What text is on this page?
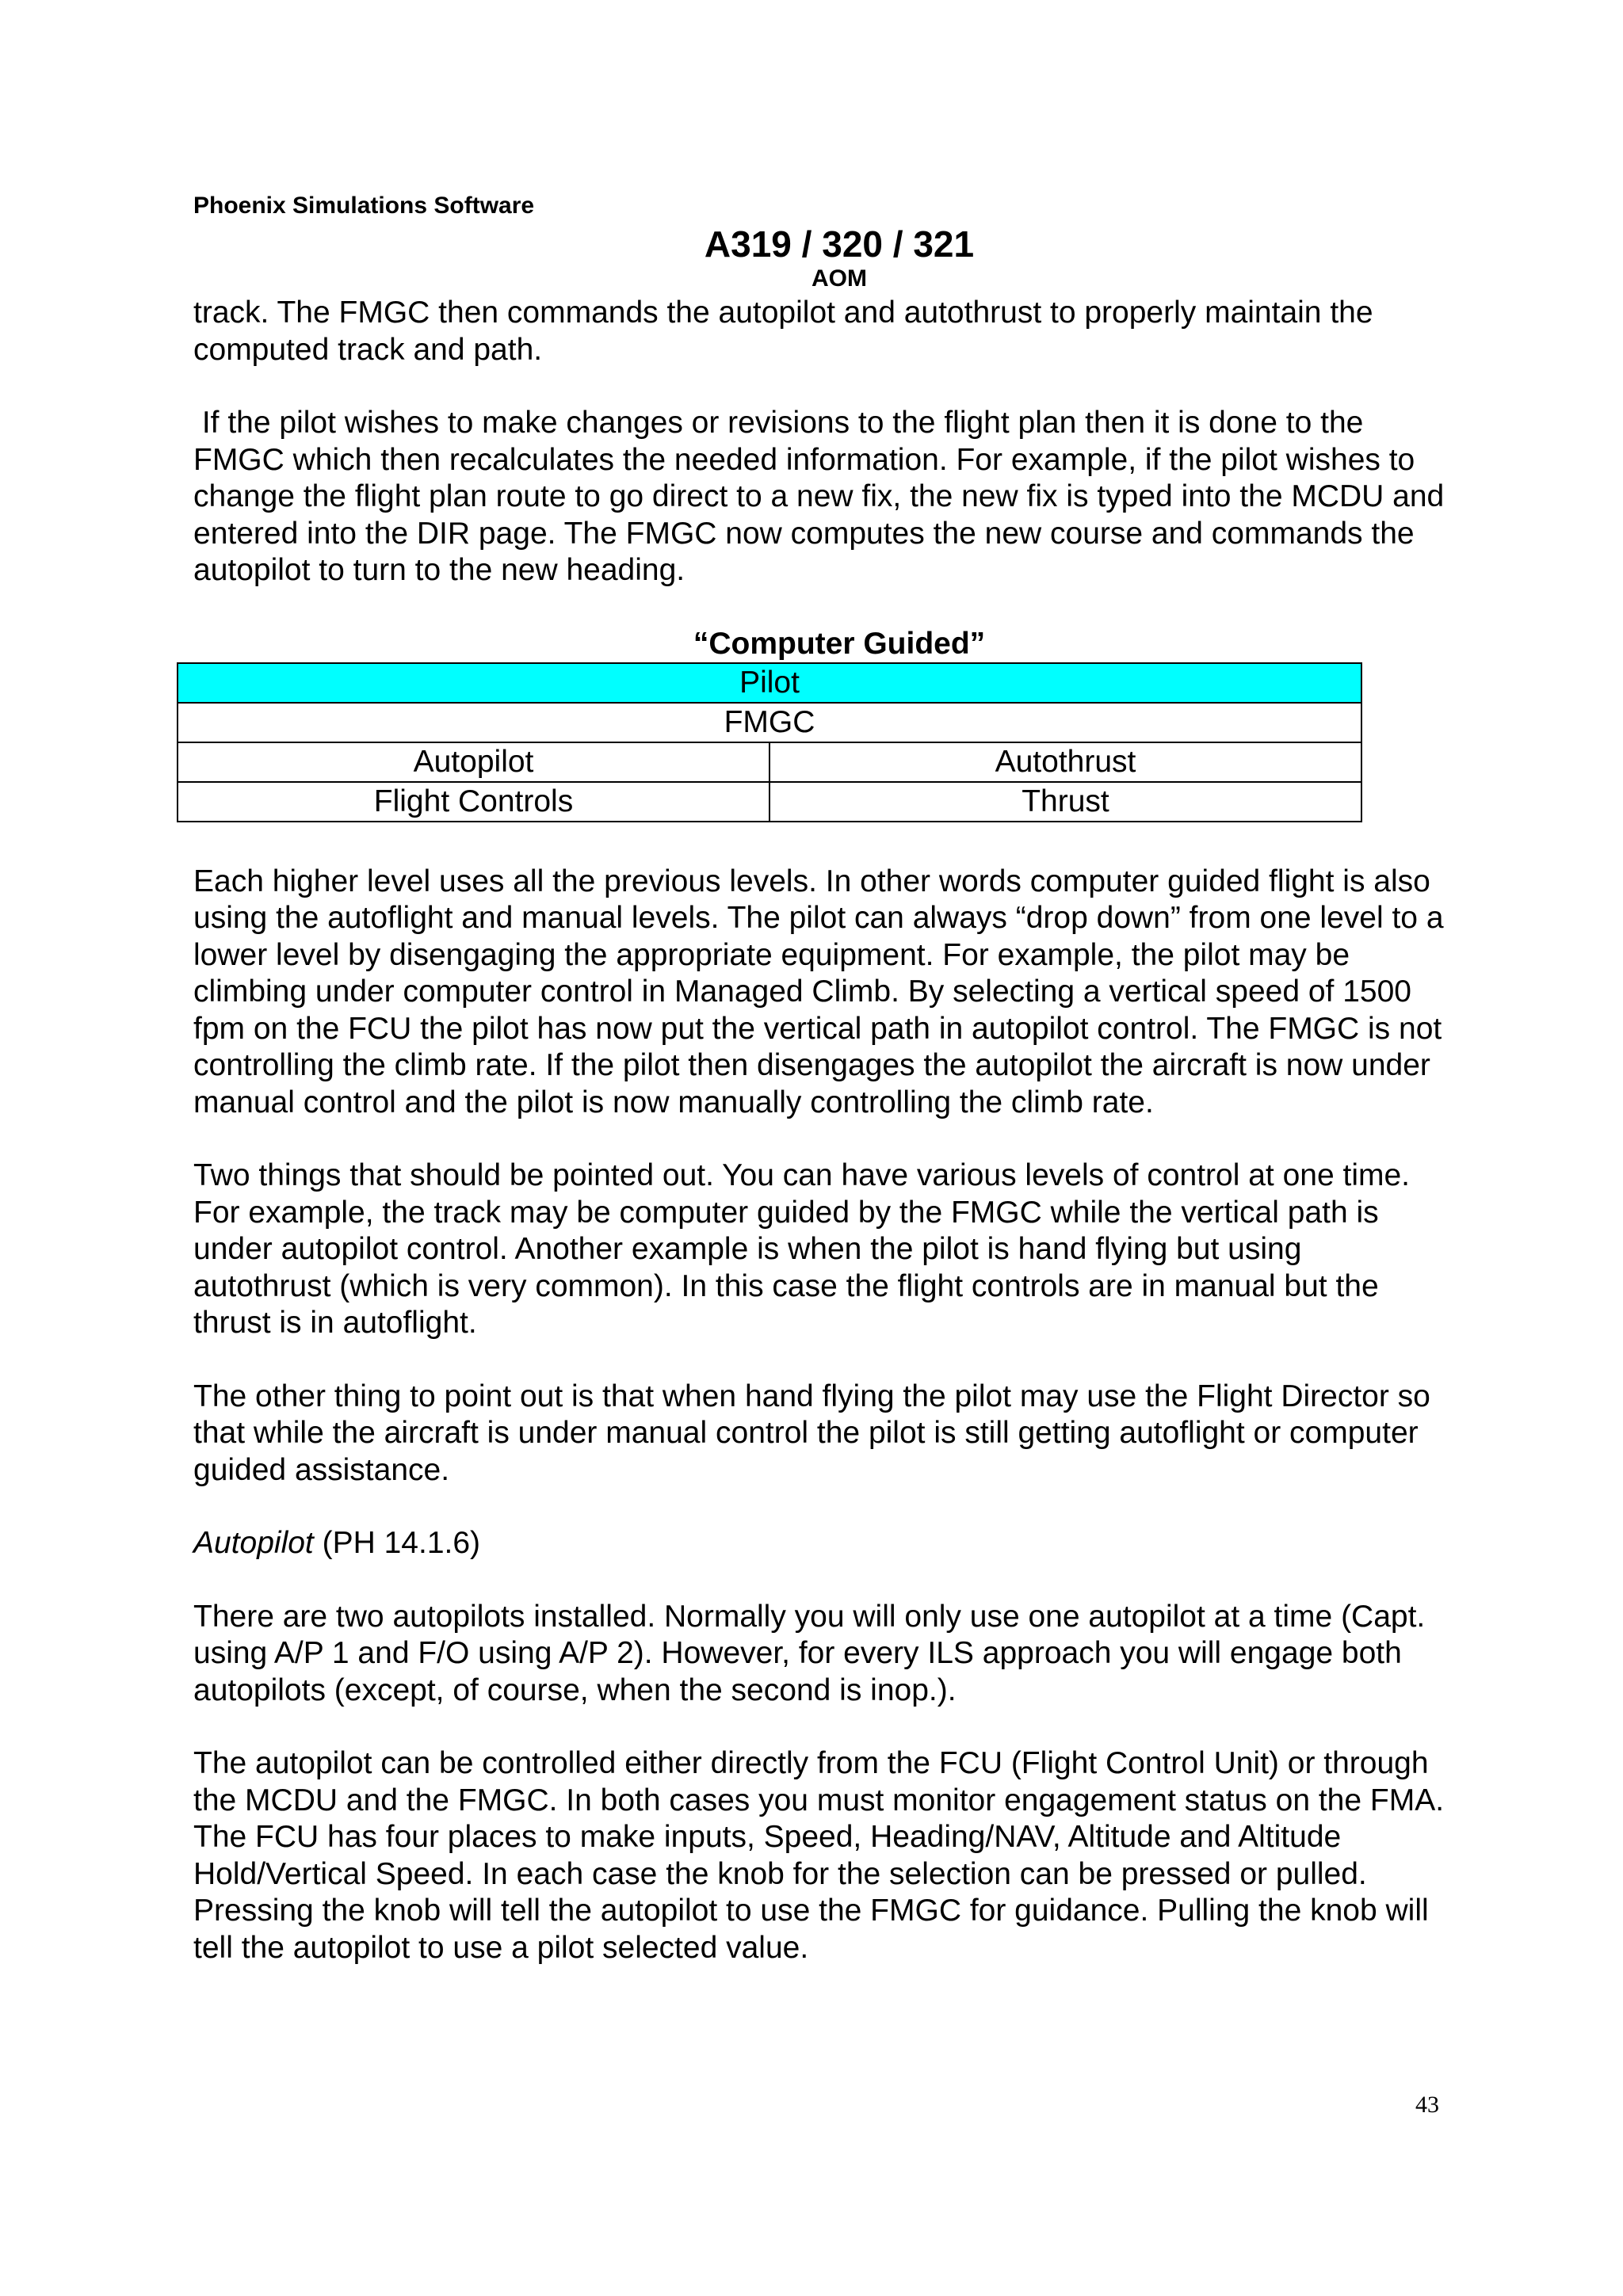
Phoenix Simulations Software

A319 / 320 / 321

AOM

track. The FMGC then commands the autopilot and autothrust to properly maintain the computed track and path.

If the pilot wishes to make changes or revisions to the flight plan then it is done to the FMGC which then recalculates the needed information. For example, if the pilot wishes to change the flight plan route to go direct to a new fix, the new fix is typed into the MCDU and entered into the DIR page. The FMGC now computes the new course and commands the autopilot to turn to the new heading.

“Computer Guided”

Pilot	
FMGC	
Autopilot	Autothrust
Flight Controls	Thrust

Each higher level uses all the previous levels. In other words computer guided flight is also using the autoflight and manual levels. The pilot can always “drop down” from one level to a lower level by disengaging the appropriate equipment. For example, the pilot may be climbing under computer control in Managed Climb. By selecting a vertical speed of 1500 fpm on the FCU the pilot has now put the vertical path in autopilot control. The FMGC is not controlling the climb rate. If the pilot then disengages the autopilot the aircraft is now under manual control and the pilot is now manually controlling the climb rate.

Two things that should be pointed out. You can have various levels of control at one time. For example, the track may be computer guided by the FMGC while the vertical path is under autopilot control. Another example is when the pilot is hand flying but using autothrust (which is very common). In this case the flight controls are in manual but the thrust is in autoflight.

The other thing to point out is that when hand flying the pilot may use the Flight Director so that while the aircraft is under manual control the pilot is still getting autoflight or computer guided assistance.

Autopilot (PH 14.1.6)

There are two autopilots installed. Normally you will only use one autopilot at a time (Capt. using A/P 1 and F/O using A/P 2). However, for every ILS approach you will engage both autopilots (except, of course, when the second is inop.).

The autopilot can be controlled either directly from the FCU (Flight Control Unit) or through the MCDU and the FMGC. In both cases you must monitor engagement status on the FMA. The FCU has four places to make inputs, Speed, Heading/NAV, Altitude and Altitude Hold/Vertical Speed. In each case the knob for the selection can be pressed or pulled. Pressing the knob will tell the autopilot to use the FMGC for guidance. Pulling the knob will tell the autopilot to use a pilot selected value.

43
